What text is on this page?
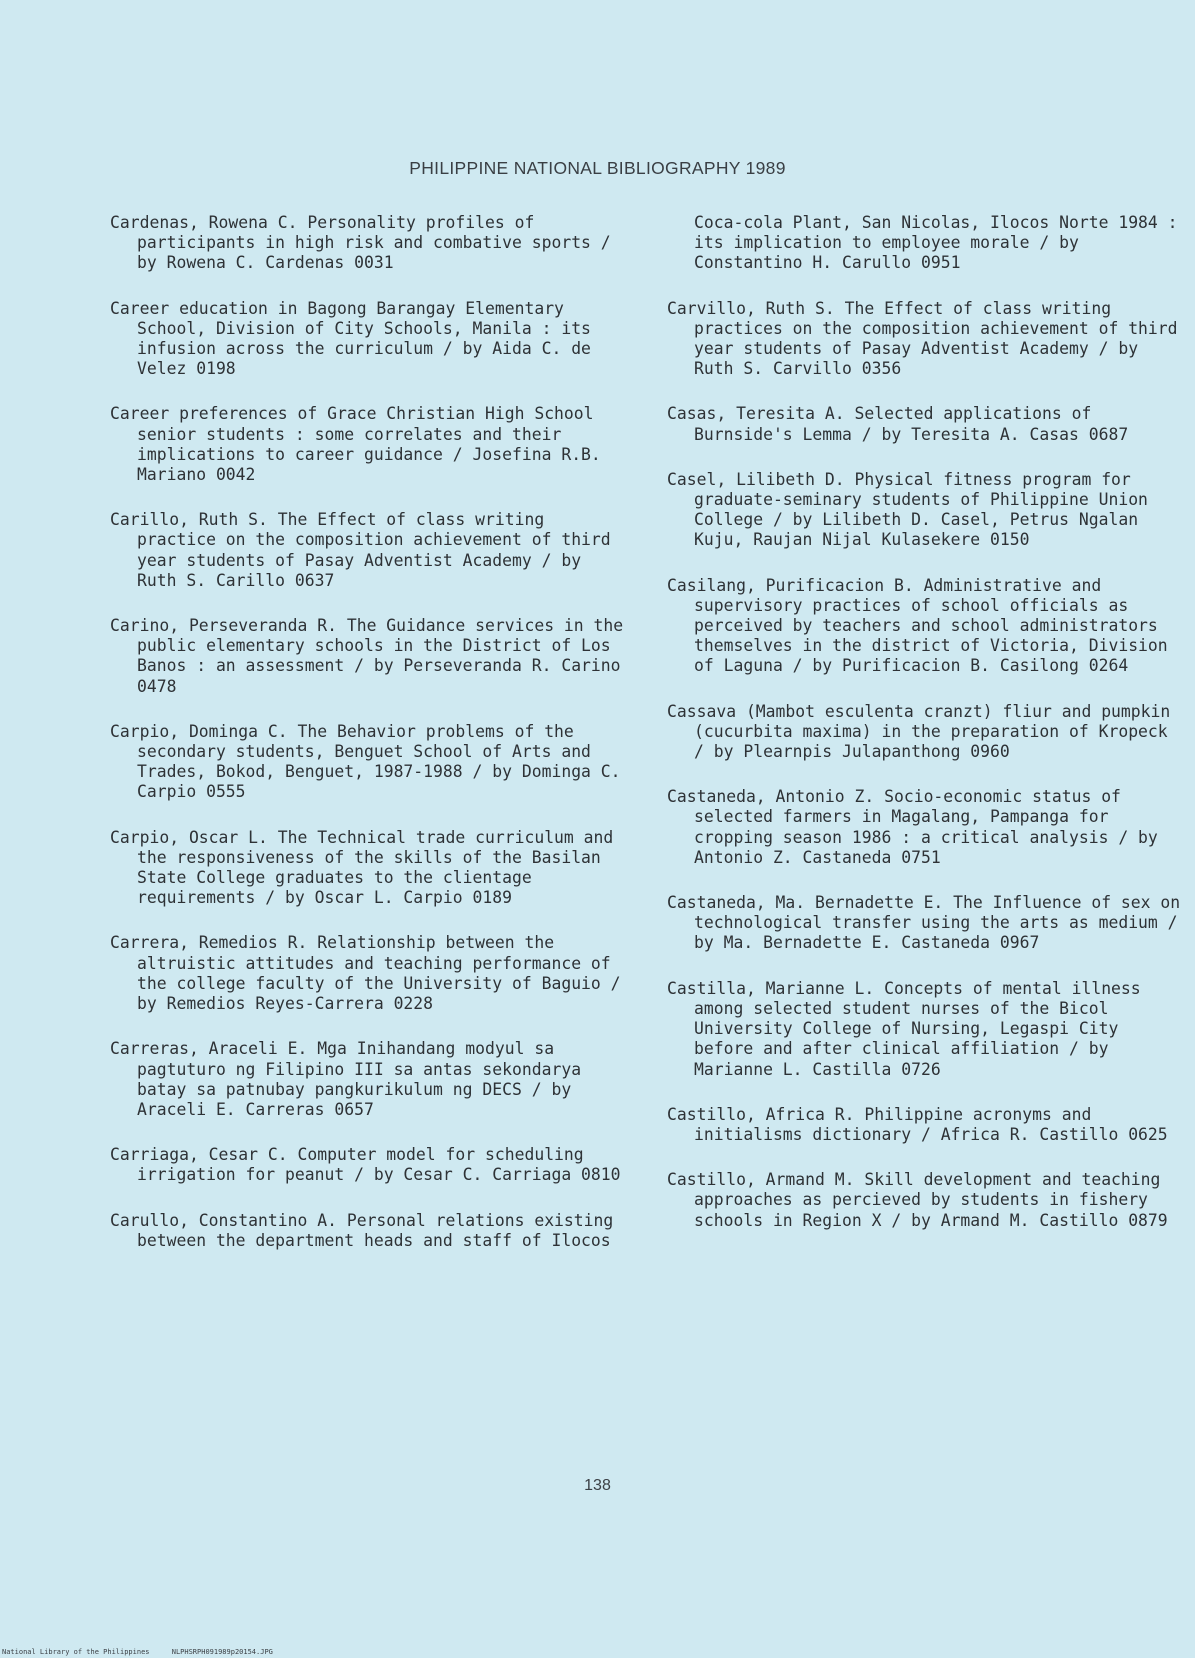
PHILIPPINE NATIONAL BIBLIOGRAPHY 1989

Cardenas, Rowena C. Personality profiles of participants in high risk and combative sports / by Rowena C. Cardenas 0031

Career education in Bagong Barangay Elementary School, Division of City Schools, Manila : its infusion across the curriculum / by Aida C. de Velez 0198

Career preferences of Grace Christian High School senior students : some correlates and their implications to career guidance / Josefina R.B. Mariano 0042

Carillo, Ruth S. The Effect of class writing practice on the composition achievement of third year students of Pasay Adventist Academy / by Ruth S. Carillo 0637

Carino, Perseveranda R. The Guidance services in the public elementary schools in the District of Los Banos : an assessment / by Perseveranda R. Carino 0478

Carpio, Dominga C. The Behavior problems of the secondary students, Benguet School of Arts and Trades, Bokod, Benguet, 1987-1988 / by Dominga C. Carpio 0555

Carpio, Oscar L. The Technical trade curriculum and the responsiveness of the skills of the Basilan State College graduates to the clientage requirements / by Oscar L. Carpio 0189

Carrera, Remedios R. Relationship between the altruistic attitudes and teaching performance of the college faculty of the University of Baguio / by Remedios Reyes-Carrera 0228

Carreras, Araceli E. Mga Inihandang modyul sa pagtuturo ng Filipino III sa antas sekondarya batay sa patnubay pangkurikulum ng DECS / by Araceli E. Carreras 0657

Carriaga, Cesar C. Computer model for scheduling irrigation for peanut / by Cesar C. Carriaga 0810

Carullo, Constantino A. Personal relations existing between the department heads and staff of Ilocos

Coca-cola Plant, San Nicolas, Ilocos Norte 1984 : its implication to employee morale / by Constantino H. Carullo 0951

Carvillo, Ruth S. The Effect of class writing practices on the composition achievement of third year students of Pasay Adventist Academy / by Ruth S. Carvillo 0356

Casas, Teresita A. Selected applications of Burnside's Lemma / by Teresita A. Casas 0687

Casel, Lilibeth D. Physical fitness program for graduate-seminary students of Philippine Union College / by Lilibeth D. Casel, Petrus Ngalan Kuju, Raujan Nijal Kulasekere 0150

Casilang, Purificacion B. Administrative and supervisory practices of school officials as perceived by teachers and school administrators themselves in the district of Victoria, Division of Laguna / by Purificacion B. Casilong 0264

Cassava (Mambot esculenta cranzt) fliur and pumpkin (cucurbita maxima) in the preparation of Kropeck / by Plearnpis Julapanthong 0960

Castaneda, Antonio Z. Socio-economic status of selected farmers in Magalang, Pampanga for cropping season 1986 : a critical analysis / by Antonio Z. Castaneda 0751

Castaneda, Ma. Bernadette E. The Influence of sex on technological transfer using the arts as medium / by Ma. Bernadette E. Castaneda 0967

Castilla, Marianne L. Concepts of mental illness among selected student nurses of the Bicol University College of Nursing, Legaspi City before and after clinical affiliation / by Marianne L. Castilla 0726

Castillo, Africa R. Philippine acronyms and initialisms dictionary / Africa R. Castillo 0625

Castillo, Armand M. Skill development and teaching approaches as percieved by students in fishery schools in Region X / by Armand M. Castillo 0879

138
National Library of the Philippines	NLPHSRPH091989p20154.JPG
